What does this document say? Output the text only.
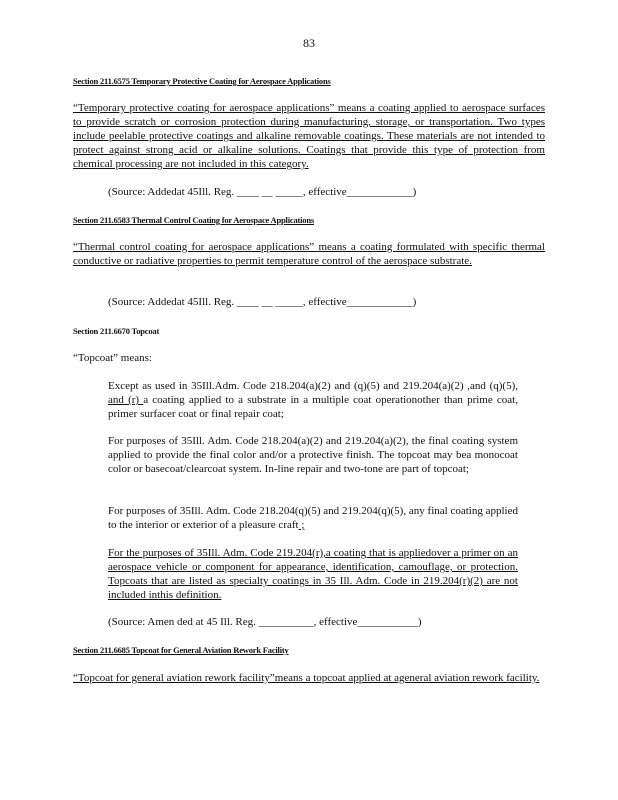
83
Section 211.6575 Temporary Protective Coating for Aerospace Applications
“Temporary protective coating for aerospace applications” means a coating applied to aerospace surfaces to provide scratch or corrosion protection during manufacturing, storage, or transportation. Two types include peelable protective coatings and alkaline removable coatings. These materials are not intended to protect against strong acid or alkaline solutions. Coatings that provide this type of protection from chemical processing are not included in this category.
(Source: Addedat 45Ill. Reg. ____ __ _____, effective____________)
Section 211.6583 Thermal Control Coating for Aerospace Applications
“Thermal control coating for aerospace applications” means a coating formulated with specific thermal conductive or radiative properties to permit temperature control of the aerospace substrate.
(Source: Addedat 45Ill. Reg. ____ __ _____, effective____________)
Section 211.6670 Topcoat
“Topcoat” means:
Except as used in 35Ill.Adm. Code 218.204(a)(2) and (q)(5) and 219.204(a)(2) ,and (q)(5), and (r) a coating applied to a substrate in a multiple coat operationother than prime coat, primer surfacer coat or final repair coat;
For purposes of 35Ill. Adm. Code 218.204(a)(2) and 219.204(a)(2), the final coating system applied to provide the final color and/or a protective finish. The topcoat may bea monocoat color or basecoat/clearcoat system. In-line repair and two-tone are part of topcoat;
For purposes of 35Ill. Adm. Code 218.204(q)(5) and 219.204(q)(5), any final coating applied to the interior or exterior of a pleasure craft ;
For the purposes of 35Ill. Adm. Code 219.204(r),a coating that is appliedover a primer on an aerospace vehicle or component for appearance, identification, camouflage, or protection. Topcoats that are listed as specialty coatings in 35 Ill. Adm. Code in 219.204(r)(2) are not included inthis definition.
(Source: Amen ded at 45 Ill. Reg. __________, effective___________)
Section 211.6685 Topcoat for General Aviation Rework Facility
“Topcoat for general aviation rework facility”means a topcoat applied at ageneral aviation rework facility.
